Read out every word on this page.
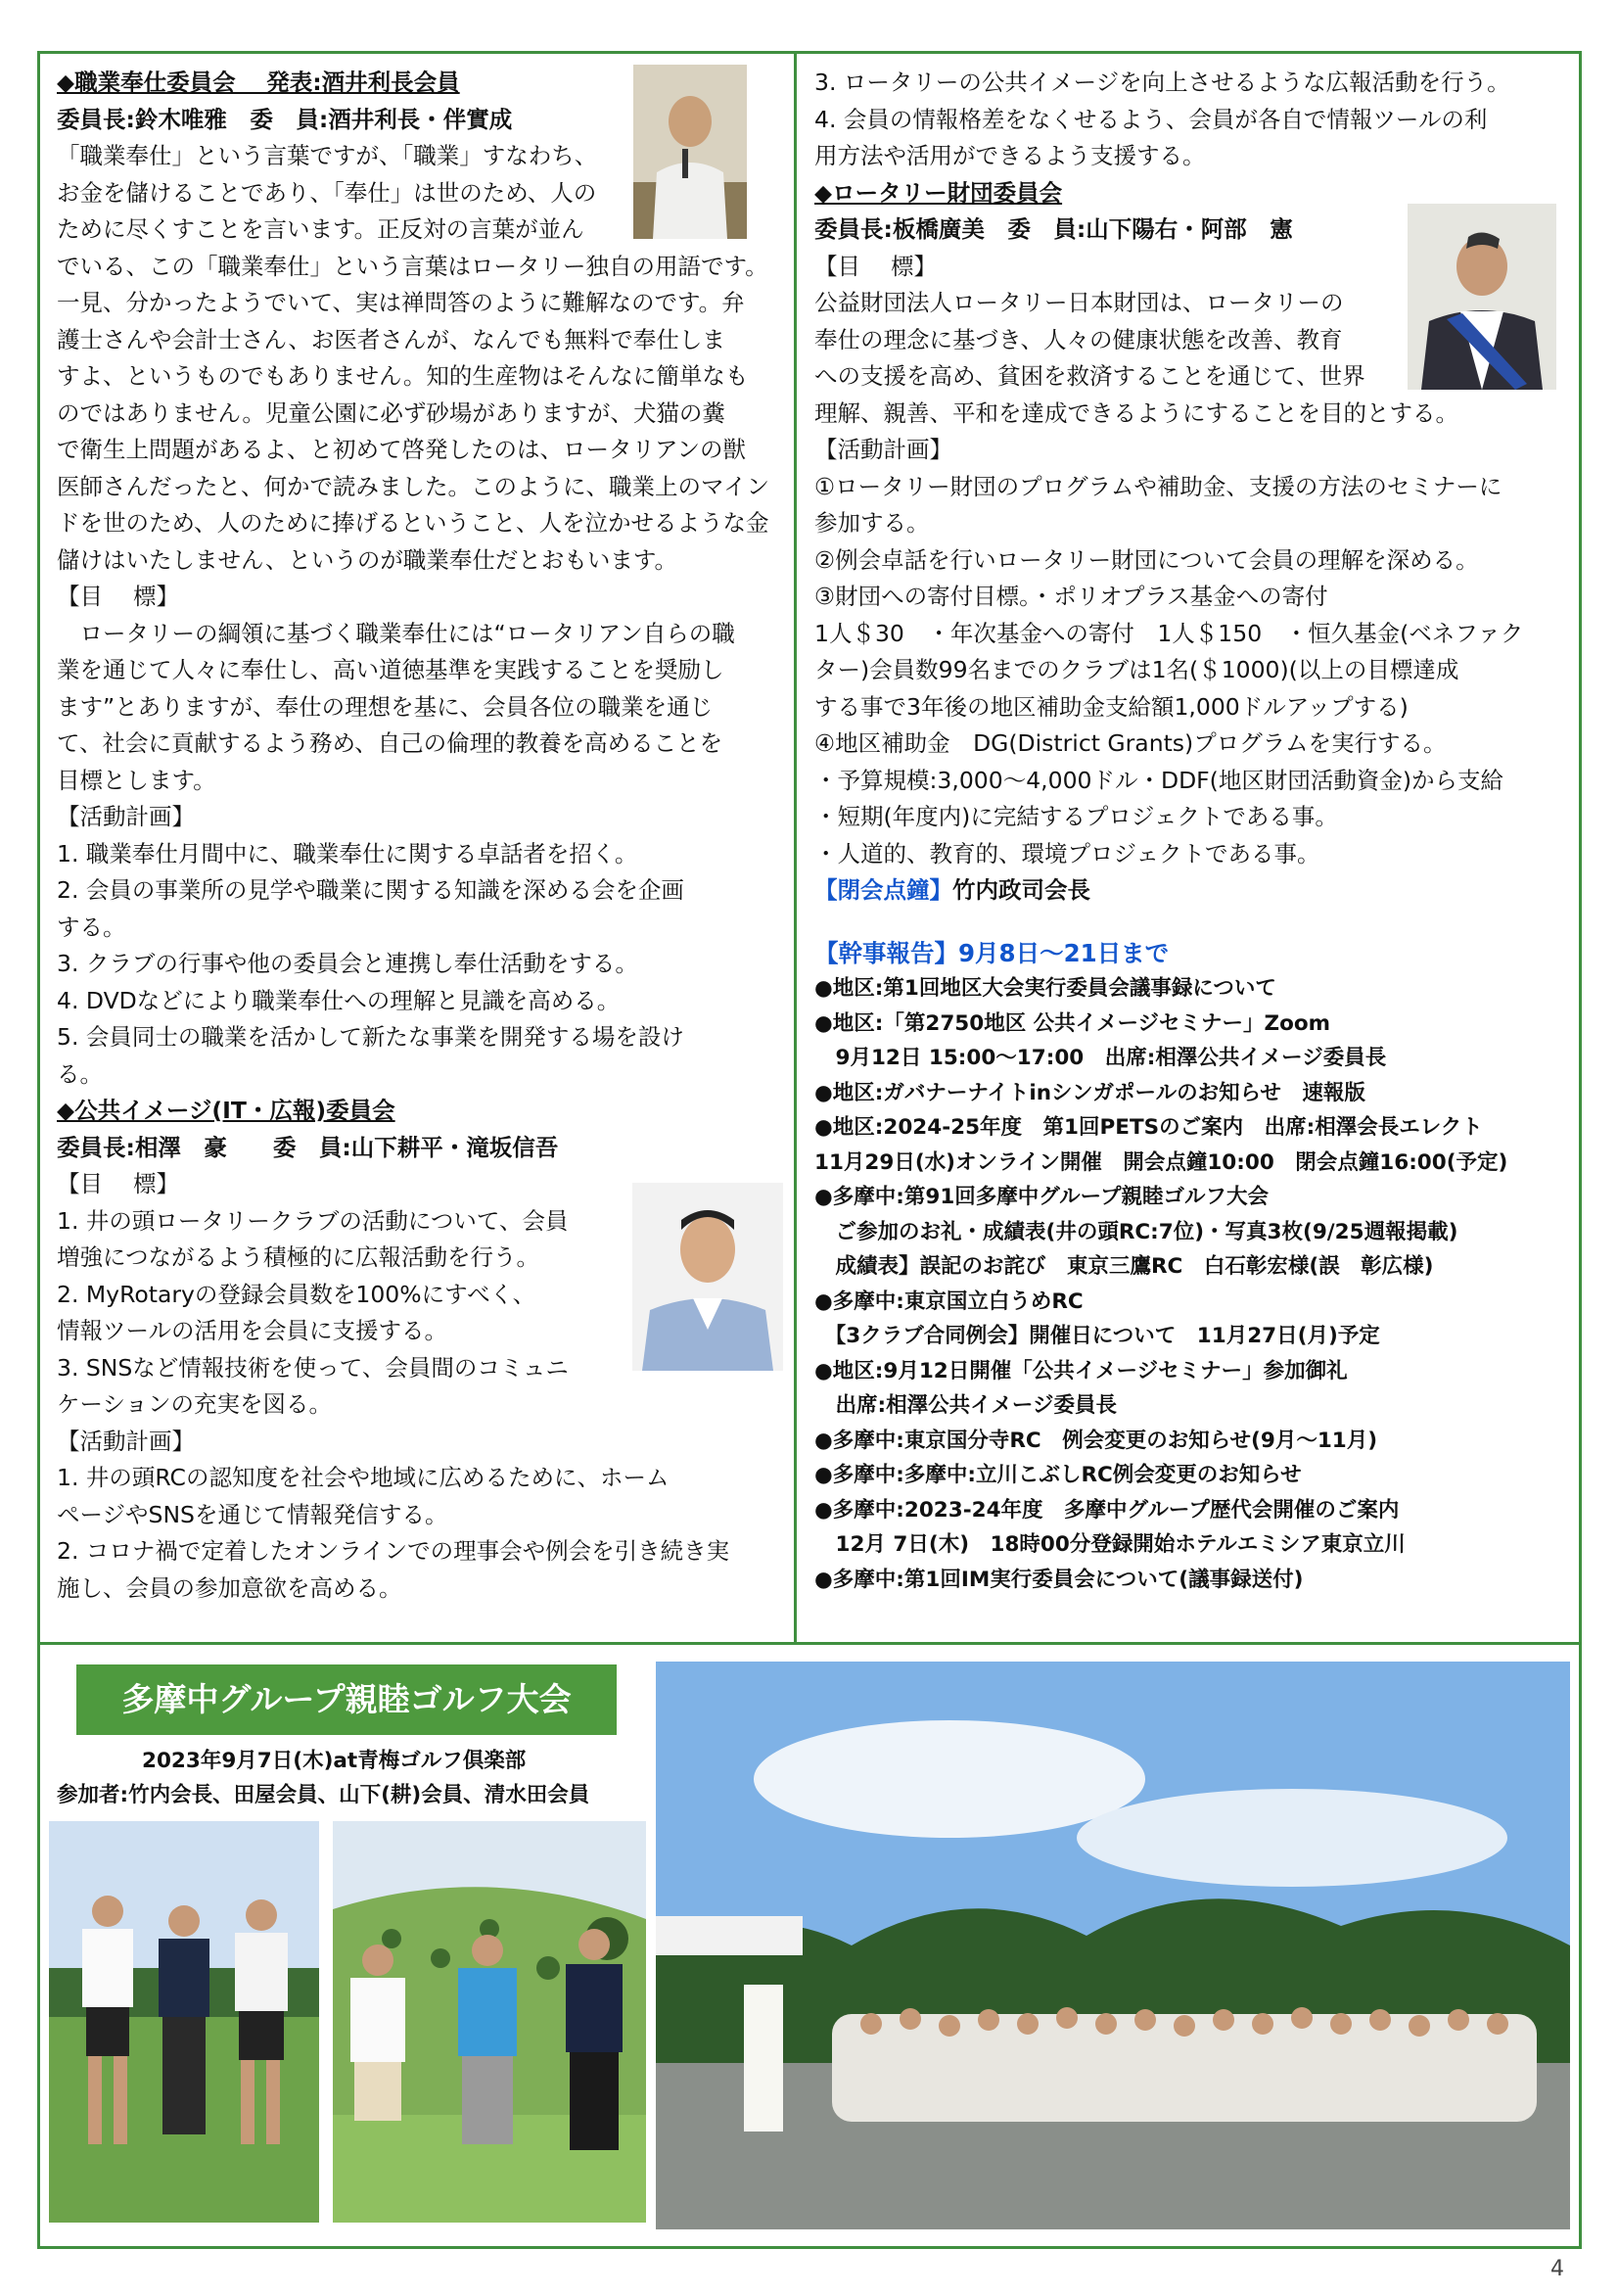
◆職業奉仕委員会　 発表:酒井利長会員
委員長:鈴木唯雅　委　員:酒井利長・伴實成
「職業奉仕」という言葉ですが、「職業」すなわち、
お金を儲けることであり、「奉仕」は世のため、人の
ために尽くすことを言います。正反対の言葉が並ん
でいる、この「職業奉仕」という言葉はロータリー独自の用語です。
一見、分かったようでいて、実は禅問答のように難解なのです。弁
護士さんや会計士さん、お医者さんが、なんでも無料で奉仕しま
すよ、というものでもありません。知的生産物はそんなに簡単なも
のではありません。児童公園に必ず砂場がありますが、犬猫の糞
で衛生上問題があるよ、と初めて啓発したのは、ロータリアンの獣
医師さんだったと、何かで読みました。このように、職業上のマイン
ドを世のため、人のために捧げるということ、人を泣かせるような金
儲けはいたしません、というのが職業奉仕だとおもいます。
【目　 標】
　ロータリーの綱領に基づく職業奉仕には“ロータリアン自らの職
業を通じて人々に奉仕し、高い道徳基準を実践することを奨励し
ます”とありますが、奉仕の理想を基に、会員各位の職業を通じ
て、社会に貢献するよう務め、自己の倫理的教養を高めることを
目標とします。
【活動計画】
1. 職業奉仕月間中に、職業奉仕に関する卓話者を招く。
2. 会員の事業所の見学や職業に関する知識を深める会を企画
する。
3. クラブの行事や他の委員会と連携し奉仕活動をする。
4. DVDなどにより職業奉仕への理解と見識を高める。
5. 会員同士の職業を活かして新たな事業を開発する場を設け
る。
◆公共イメージ(IT・広報)委員会
委員長:相澤　豪　　委　員:山下耕平・滝坂信吾
【目　 標】
1. 井の頭ロータリークラブの活動について、会員
増強につながるよう積極的に広報活動を行う。
2. MyRotaryの登録会員数を100%にすべく、
情報ツールの活用を会員に支援する。
3. SNSなど情報技術を使って、会員間のコミュニ
ケーションの充実を図る。
【活動計画】
1. 井の頭RCの認知度を社会や地域に広めるために、ホーム
ページやSNSを通じて情報発信する。
2. コロナ禍で定着したオンラインでの理事会や例会を引き続き実
施し、会員の参加意欲を高める。
3. ロータリーの公共イメージを向上させるような広報活動を行う。
4. 会員の情報格差をなくせるよう、会員が各自で情報ツールの利
用方法や活用ができるよう支援する。
◆ロータリー財団委員会
委員長:板橋廣美　委　員:山下陽右・阿部　憲
【目　 標】
公益財団法人ロータリー日本財団は、ロータリーの
奉仕の理念に基づき、人々の健康状態を改善、教育
への支援を高め、貧困を救済することを通じて、世界
理解、親善、平和を達成できるようにすることを目的とする。
【活動計画】
①ロータリー財団のプログラムや補助金、支援の方法のセミナーに
参加する。
②例会卓話を行いロータリー財団について会員の理解を深める。
③財団への寄付目標。・ポリオプラス基金への寄付
1人＄30　・年次基金への寄付　1人＄150　・恒久基金(ベネファク
ター)会員数99名までのクラブは1名(＄1000)(以上の目標達成
する事で3年後の地区補助金支給額1,000ドルアップする)
④地区補助金　DG(District Grants)プログラムを実行する。
・予算規模:3,000～4,000ドル・DDF(地区財団活動資金)から支給
・短期(年度内)に完結するプロジェクトである事。
・人道的、教育的、環境プロジェクトである事。
【閉会点鐘】竹内政司会長
【幹事報告】9月8日～21日まで
●地区:第1回地区大会実行委員会議事録について
●地区:「第2750地区 公共イメージセミナー」Zoom
　9月12日 15:00～17:00　出席:相澤公共イメージ委員長
●地区:ガバナーナイトinシンガポールのお知らせ　速報版
●地区:2024-25年度　第1回PETSのご案内　出席:相澤会長エレクト
11月29日(水)オンライン開催　開会点鐘10:00　閉会点鐘16:00(予定)
●多摩中:第91回多摩中グループ親睦ゴルフ大会
　ご参加のお礼・成績表(井の頭RC:7位)・写真3枚(9/25週報掲載)
　成績表】誤記のお詫び　東京三鷹RC　白石彰宏様(誤　彰広様)
●多摩中:東京国立白うめRC
　【3クラブ合同例会】開催日について　11月27日(月)予定
●地区:9月12日開催「公共イメージセミナー」参加御礼
　出席:相澤公共イメージ委員長
●多摩中:東京国分寺RC　例会変更のお知らせ(9月～11月)
●多摩中:多摩中:立川こぶしRC例会変更のお知らせ
●多摩中:2023-24年度　多摩中グループ歴代会開催のご案内
　12月 7日(木)　18時00分登録開始ホテルエミシア東京立川
●多摩中:第1回IM実行委員会について(議事録送付)
多摩中グループ親睦ゴルフ大会
2023年9月7日(木)at青梅ゴルフ倶楽部
参加者:竹内会長、田屋会員、山下(耕)会員、清水田会員
4
